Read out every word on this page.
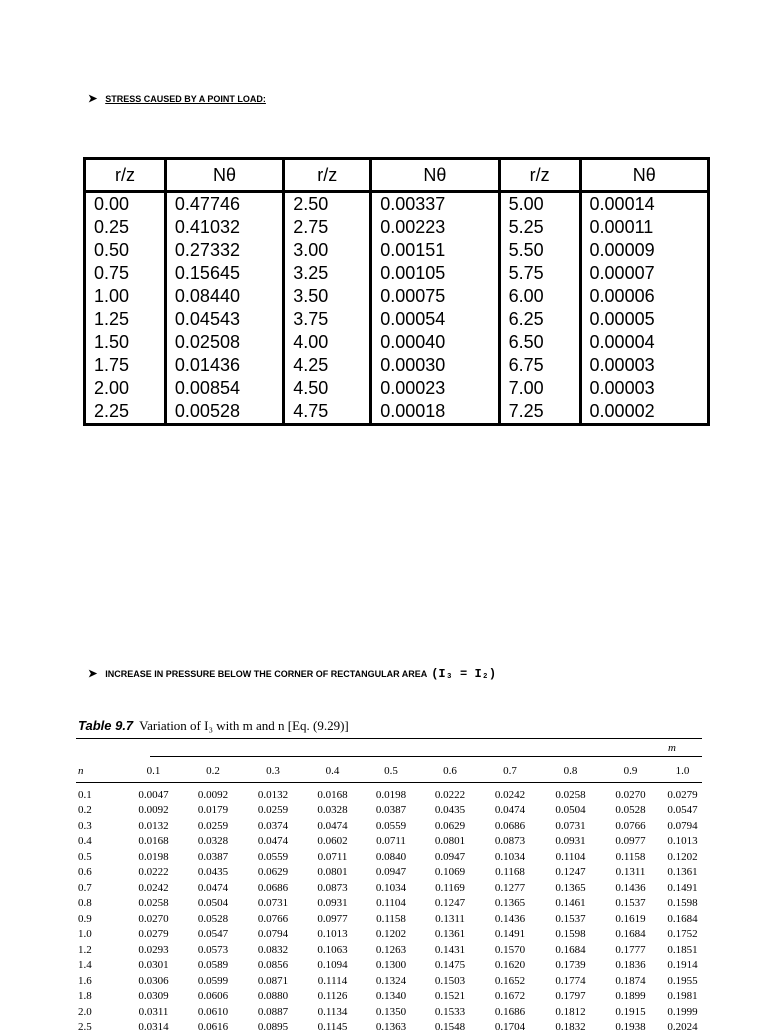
➤ STRESS CAUSED BY A POINT LOAD:
r/z	Nθ	r/z	Nθ	r/z	Nθ
0.00	0.47746	2.50	0.00337	5.00	0.00014
0.25	0.41032	2.75	0.00223	5.25	0.00011
0.50	0.27332	3.00	0.00151	5.50	0.00009
0.75	0.15645	3.25	0.00105	5.75	0.00007
1.00	0.08440	3.50	0.00075	6.00	0.00006
1.25	0.04543	3.75	0.00054	6.25	0.00005
1.50	0.02508	4.00	0.00040	6.50	0.00004
1.75	0.01436	4.25	0.00030	6.75	0.00003
2.00	0.00854	4.50	0.00023	7.00	0.00003
2.25	0.00528	4.75	0.00018	7.25	0.00002
➤ INCREASE IN PRESSURE BELOW THE CORNER OF RECTANGULAR AREA (I₃ = I₂)
Table 9.7 Variation of I₃ with m and n [Eq. (9.29)]
m
n	0.1	0.2	0.3	0.4	0.5	0.6	0.7	0.8	0.9	1.0

0.1	0.0047	0.0092	0.0132	0.0168	0.0198	0.0222	0.0242	0.0258	0.0270	0.0279
0.2	0.0092	0.0179	0.0259	0.0328	0.0387	0.0435	0.0474	0.0504	0.0528	0.0547
0.3	0.0132	0.0259	0.0374	0.0474	0.0559	0.0629	0.0686	0.0731	0.0766	0.0794
0.4	0.0168	0.0328	0.0474	0.0602	0.0711	0.0801	0.0873	0.0931	0.0977	0.1013
0.5	0.0198	0.0387	0.0559	0.0711	0.0840	0.0947	0.1034	0.1104	0.1158	0.1202
0.6	0.0222	0.0435	0.0629	0.0801	0.0947	0.1069	0.1168	0.1247	0.1311	0.1361
0.7	0.0242	0.0474	0.0686	0.0873	0.1034	0.1169	0.1277	0.1365	0.1436	0.1491
0.8	0.0258	0.0504	0.0731	0.0931	0.1104	0.1247	0.1365	0.1461	0.1537	0.1598
0.9	0.0270	0.0528	0.0766	0.0977	0.1158	0.1311	0.1436	0.1537	0.1619	0.1684
1.0	0.0279	0.0547	0.0794	0.1013	0.1202	0.1361	0.1491	0.1598	0.1684	0.1752
1.2	0.0293	0.0573	0.0832	0.1063	0.1263	0.1431	0.1570	0.1684	0.1777	0.1851
1.4	0.0301	0.0589	0.0856	0.1094	0.1300	0.1475	0.1620	0.1739	0.1836	0.1914
1.6	0.0306	0.0599	0.0871	0.1114	0.1324	0.1503	0.1652	0.1774	0.1874	0.1955
1.8	0.0309	0.0606	0.0880	0.1126	0.1340	0.1521	0.1672	0.1797	0.1899	0.1981
2.0	0.0311	0.0610	0.0887	0.1134	0.1350	0.1533	0.1686	0.1812	0.1915	0.1999
2.5	0.0314	0.0616	0.0895	0.1145	0.1363	0.1548	0.1704	0.1832	0.1938	0.2024
